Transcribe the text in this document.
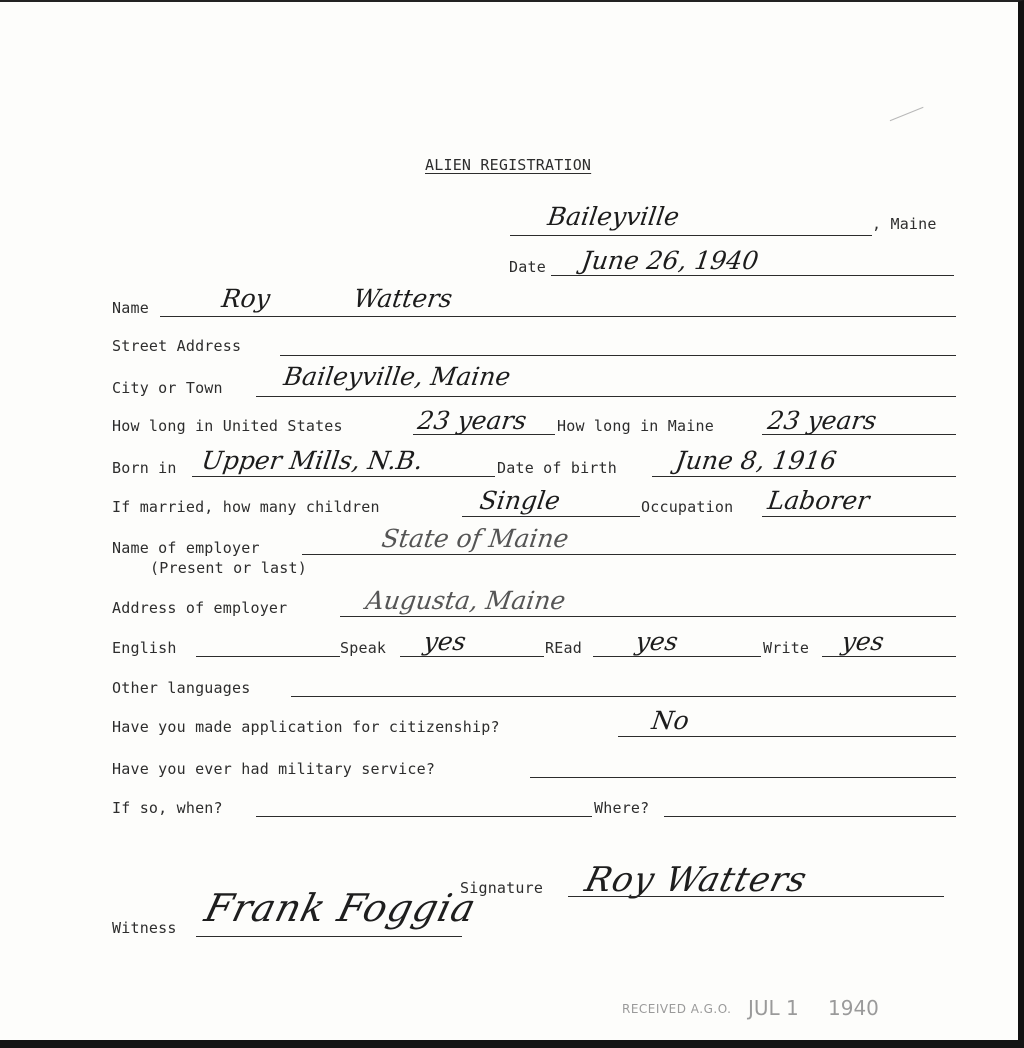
ALIEN REGISTRATION
Baileyville	, Maine
Date June 26, 1940
Name	Roy	Watters
Street Address
City or Town Baileyville, Maine
How long in United States	23 years How long in Maine 23 years
Born in Upper Mills, N.B.	Date of birth June 8, 1916
If married, how many children	Single	Occupation Laborer
Name of employer	State of Maine
(Present or last)
Address of employer	Augusta, Maine
English	Speak yes	REad yes	Write yes
Other languages
Have you made application for citizenship?	No
Have you ever had military service?
If so, when?	Where?
Signature Roy Watters
Witness Frank Foggia
RECEIVED A.G.O. JUL 1 1940
